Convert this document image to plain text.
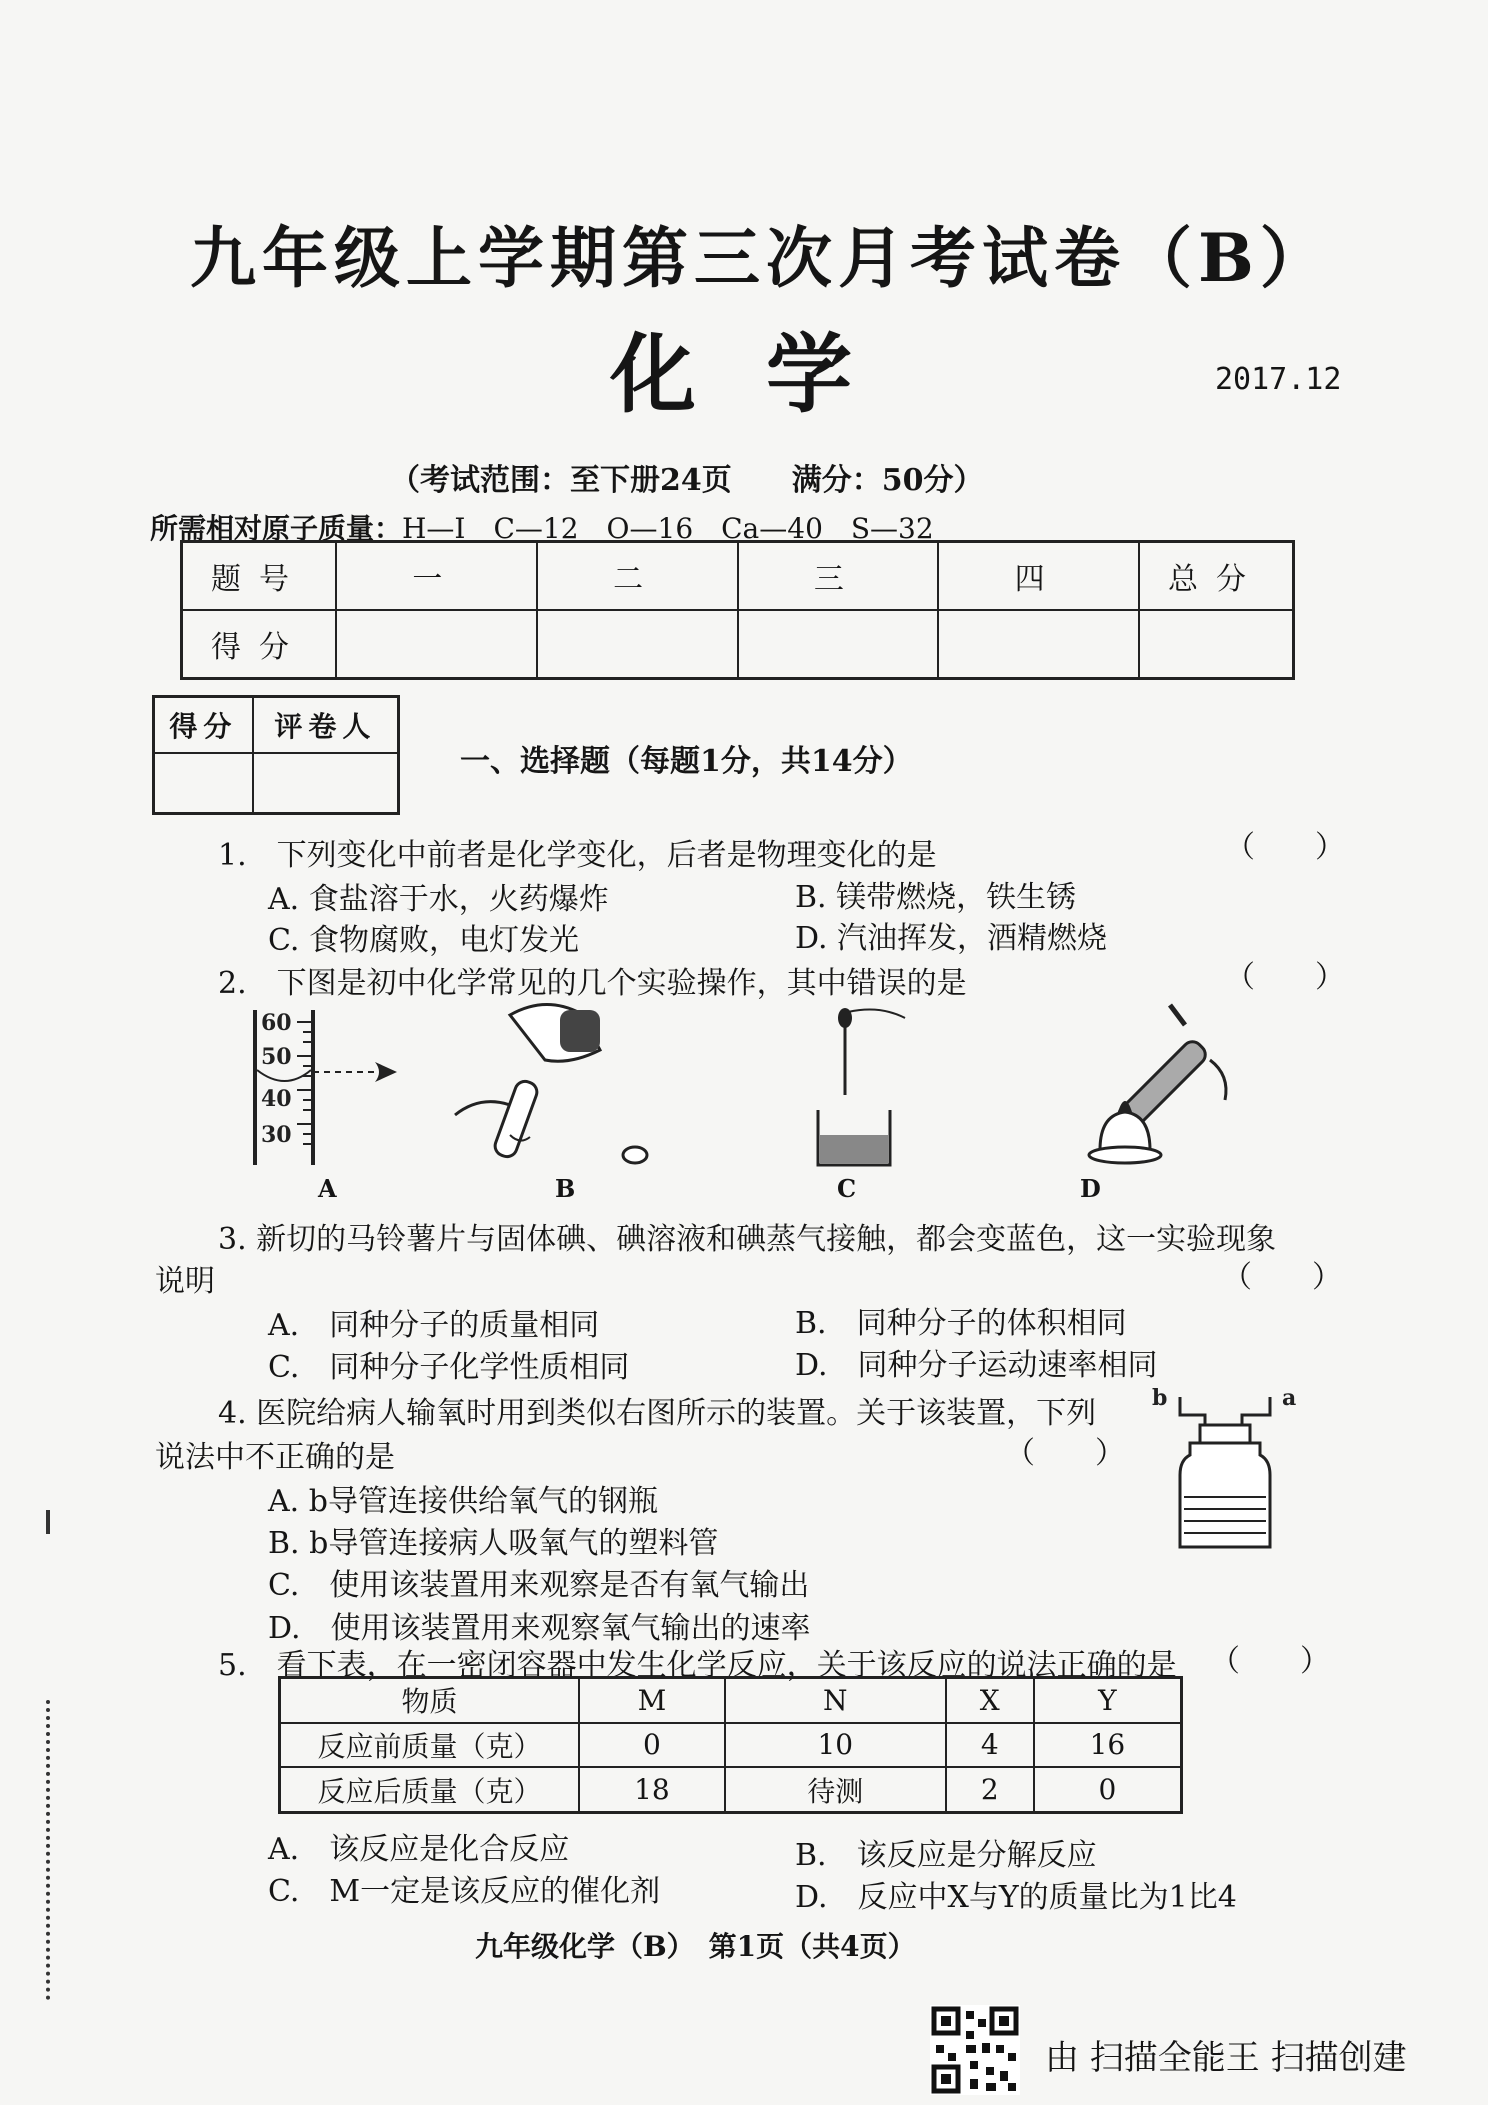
九年级上学期第三次月考试卷（B）
化学	2017.12
（考试范围：至下册24页　　满分：50分）
所需相对原子质量：H—I　C—12　O—16　Ca—40　S—32
题号	一	二	三	四	总分
得分					
得分	评卷人

一、选择题（每题1分，共14分）
1.　下列变化中前者是化学变化，后者是物理变化的是	（　　）
A. 食盐溶于水，火药爆炸	B. 镁带燃烧，铁生锈
C. 食物腐败，电灯发光	D. 汽油挥发，酒精燃烧
2.　下图是初中化学常见的几个实验操作，其中错误的是	（　　）
60
50
40
30
A	B	C	D
3. 新切的马铃薯片与固体碘、碘溶液和碘蒸气接触，都会变蓝色，这一实验现象
说明	（　　）
A.　同种分子的质量相同	B.　同种分子的体积相同
C.　同种分子化学性质相同	D.　同种分子运动速率相同
4. 医院给病人输氧时用到类似右图所示的装置。关于该装置，下列
说法中不正确的是	（　　）
A. b导管连接供给氧气的钢瓶
B. b导管连接病人吸氧气的塑料管
C.　使用该装置用来观察是否有氧气输出
D.　使用该装置用来观察氧气输出的速率
b	a
5.　看下表，在一密闭容器中发生化学反应，关于该反应的说法正确的是 （　　）
物质	M	N	X	Y
反应前质量（克）	0	10	4	16
反应后质量（克）	18	待测	2	0
A.　该反应是化合反应	B.　该反应是分解反应
C.　M一定是该反应的催化剂	D.　反应中X与Y的质量比为1比4
九年级化学（B）　第1页（共4页）
由 扫描全能王 扫描创建
